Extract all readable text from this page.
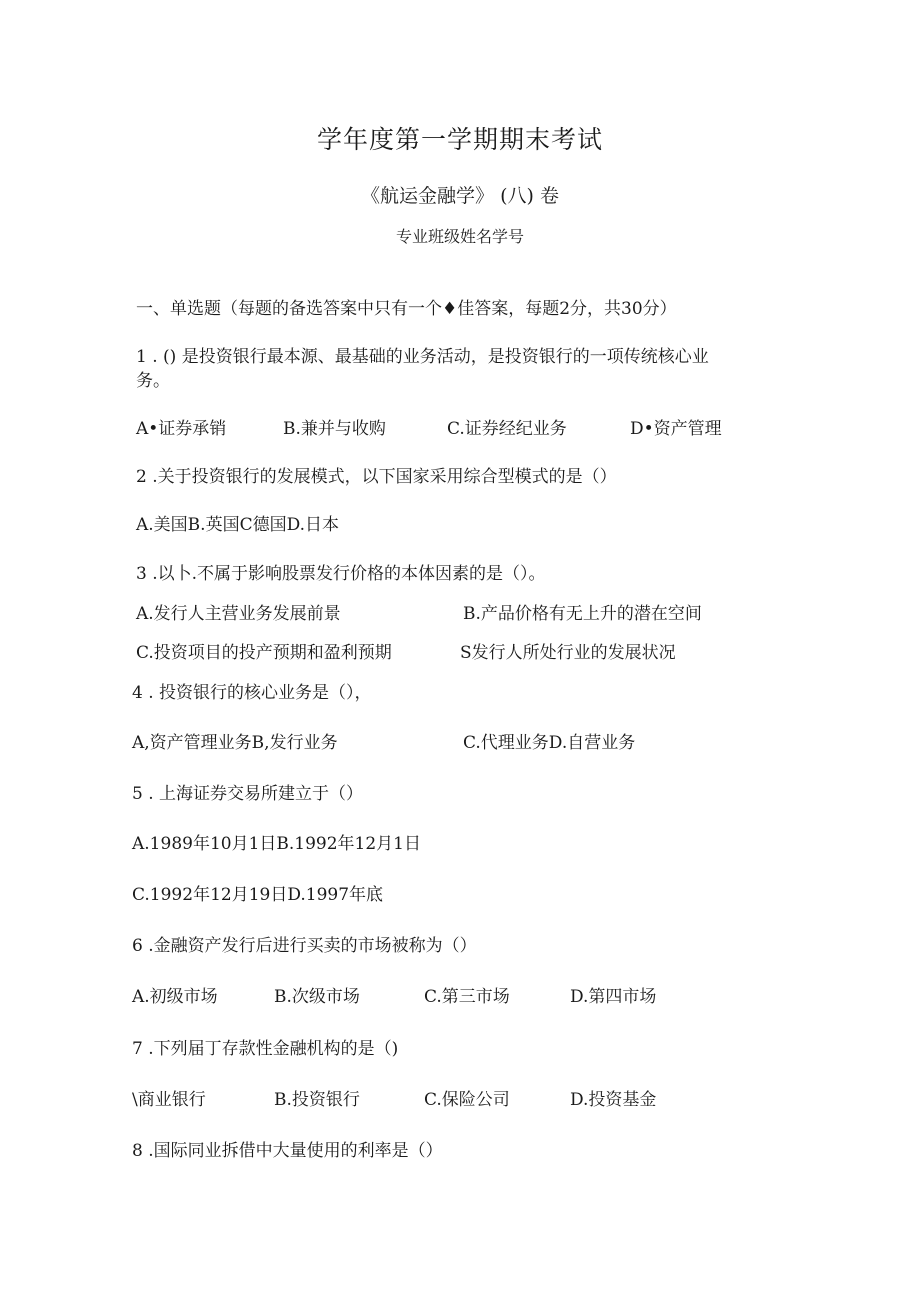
学年度第一学期期末考试
《航运金融学》 (八) 卷
专业班级姓名学号
一、单选题（每题的备选答案中只有一个♦佳答案，每题2分，共30分）
1 . () 是投资银行最本源、最基础的业务活动，是投资银行的一项传统核心业
务。
A•证券承销	B.兼并与收购	C.证券经纪业务	D•资产管理
2 .关于投资银行的发展模式，以下国家采用综合型模式的是（）
A.美国B.英国C德国D.日本
3 .以卜.不属于影响股票发行价格的本体因素的是（）。
A.发行人主营业务发展前景	B.产品价格有无上升的潜在空间
C.投资项目的投产预期和盈利预期	S发行人所处行业的发展状况
4 . 投资银行的核心业务是（），
A,资产管理业务B,发行业务	C.代理业务D.自营业务
5 . 上海证券交易所建立于（）
A.1989年10月1日B.1992年12月1日
C.1992年12月19日D.1997年底
6 .金融资产发行后进行买卖的市场被称为（）
A.初级市场	B.次级市场	C.第三市场	D.第四市场
7 .下列届丁存款性金融机构的是（)
\商业银行	B.投资银行	C.保险公司	D.投资基金
8 .国际同业拆借中大量使用的利率是（）
